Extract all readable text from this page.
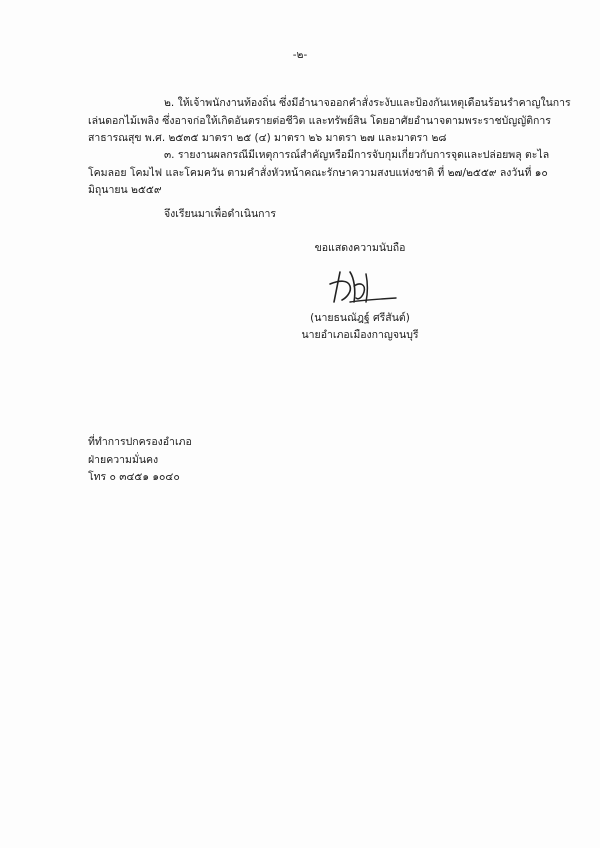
-๒-

๒. ให้เจ้าพนักงานท้องถิ่น ซึ่งมีอำนาจออกคำสั่งระงับและป้องกันเหตุเดือนร้อนรำคาญในการ
เล่นดอกไม้เพลิง ซึ่งอาจก่อให้เกิดอันตรายต่อชีวิต และทรัพย์สิน โดยอาศัยอำนาจตามพระราชบัญญัติการ
สาธารณสุข พ.ศ. ๒๕๓๕ มาตรา ๒๕ (๔) มาตรา ๒๖ มาตรา ๒๗ และมาตรา ๒๘

๓. รายงานผลกรณีมีเหตุการณ์สำคัญหรือมีการจับกุมเกี่ยวกับการจุดและปล่อยพลุ ตะไล
โคมลอย โคมไฟ และโคมควัน ตามคำสั่งหัวหน้าคณะรักษาความสงบแห่งชาติ ที่ ๒๗/๒๕๕๙ ลงวันที่ ๑๐
มิถุนายน ๒๕๕๙

จึงเรียนมาเพื่อดำเนินการ

ขอแสดงความนับถือ
(นายธนณัฎฐ์ ศรีสันต์)
นายอำเภอเมืองกาญจนบุรี
ที่ทำการปกครองอำเภอ
ฝ่ายความมั่นคง
โทร ๐ ๓๔๕๑ ๑๐๔๐
